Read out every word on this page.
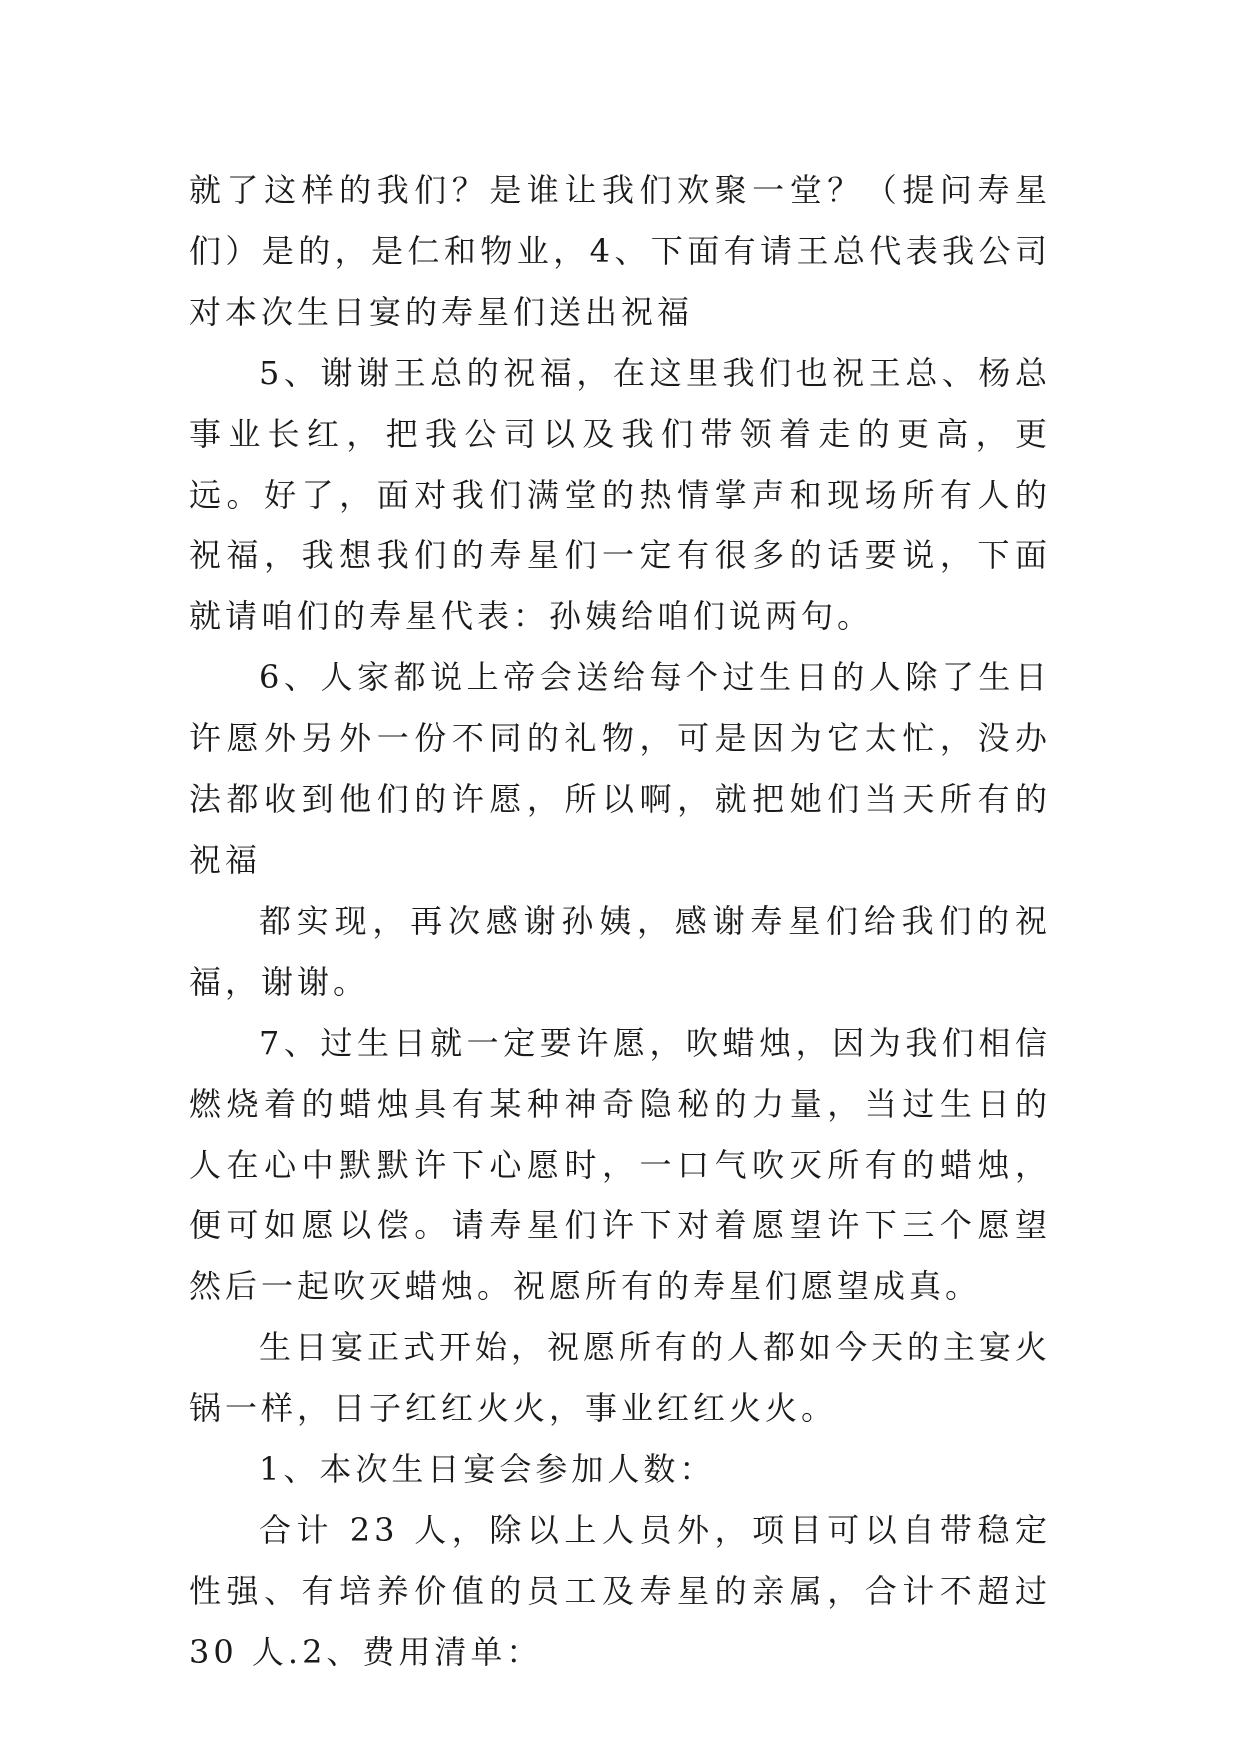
就了这样的我们？是谁让我们欢聚一堂？（提问寿星们）是的，是仁和物业，4、下面有请王总代表我公司对本次生日宴的寿星们送出祝福

5、谢谢王总的祝福，在这里我们也祝王总、杨总事业长红，把我公司以及我们带领着走的更高，更远。好了，面对我们满堂的热情掌声和现场所有人的祝福，我想我们的寿星们一定有很多的话要说，下面就请咱们的寿星代表：孙姨给咱们说两句。

6、人家都说上帝会送给每个过生日的人除了生日许愿外另外一份不同的礼物，可是因为它太忙，没办法都收到他们的许愿，所以啊，就把她们当天所有的祝福

都实现，再次感谢孙姨，感谢寿星们给我们的祝福，谢谢。

7、过生日就一定要许愿，吹蜡烛，因为我们相信燃烧着的蜡烛具有某种神奇隐秘的力量，当过生日的人在心中默默许下心愿时，一口气吹灭所有的蜡烛，便可如愿以偿。请寿星们许下对着愿望许下三个愿望然后一起吹灭蜡烛。祝愿所有的寿星们愿望成真。

生日宴正式开始，祝愿所有的人都如今天的主宴火锅一样，日子红红火火，事业红红火火。

1、本次生日宴会参加人数：

合计 23 人，除以上人员外，项目可以自带稳定性强、有培养价值的员工及寿星的亲属，合计不超过 30 人.2、费用清单：
